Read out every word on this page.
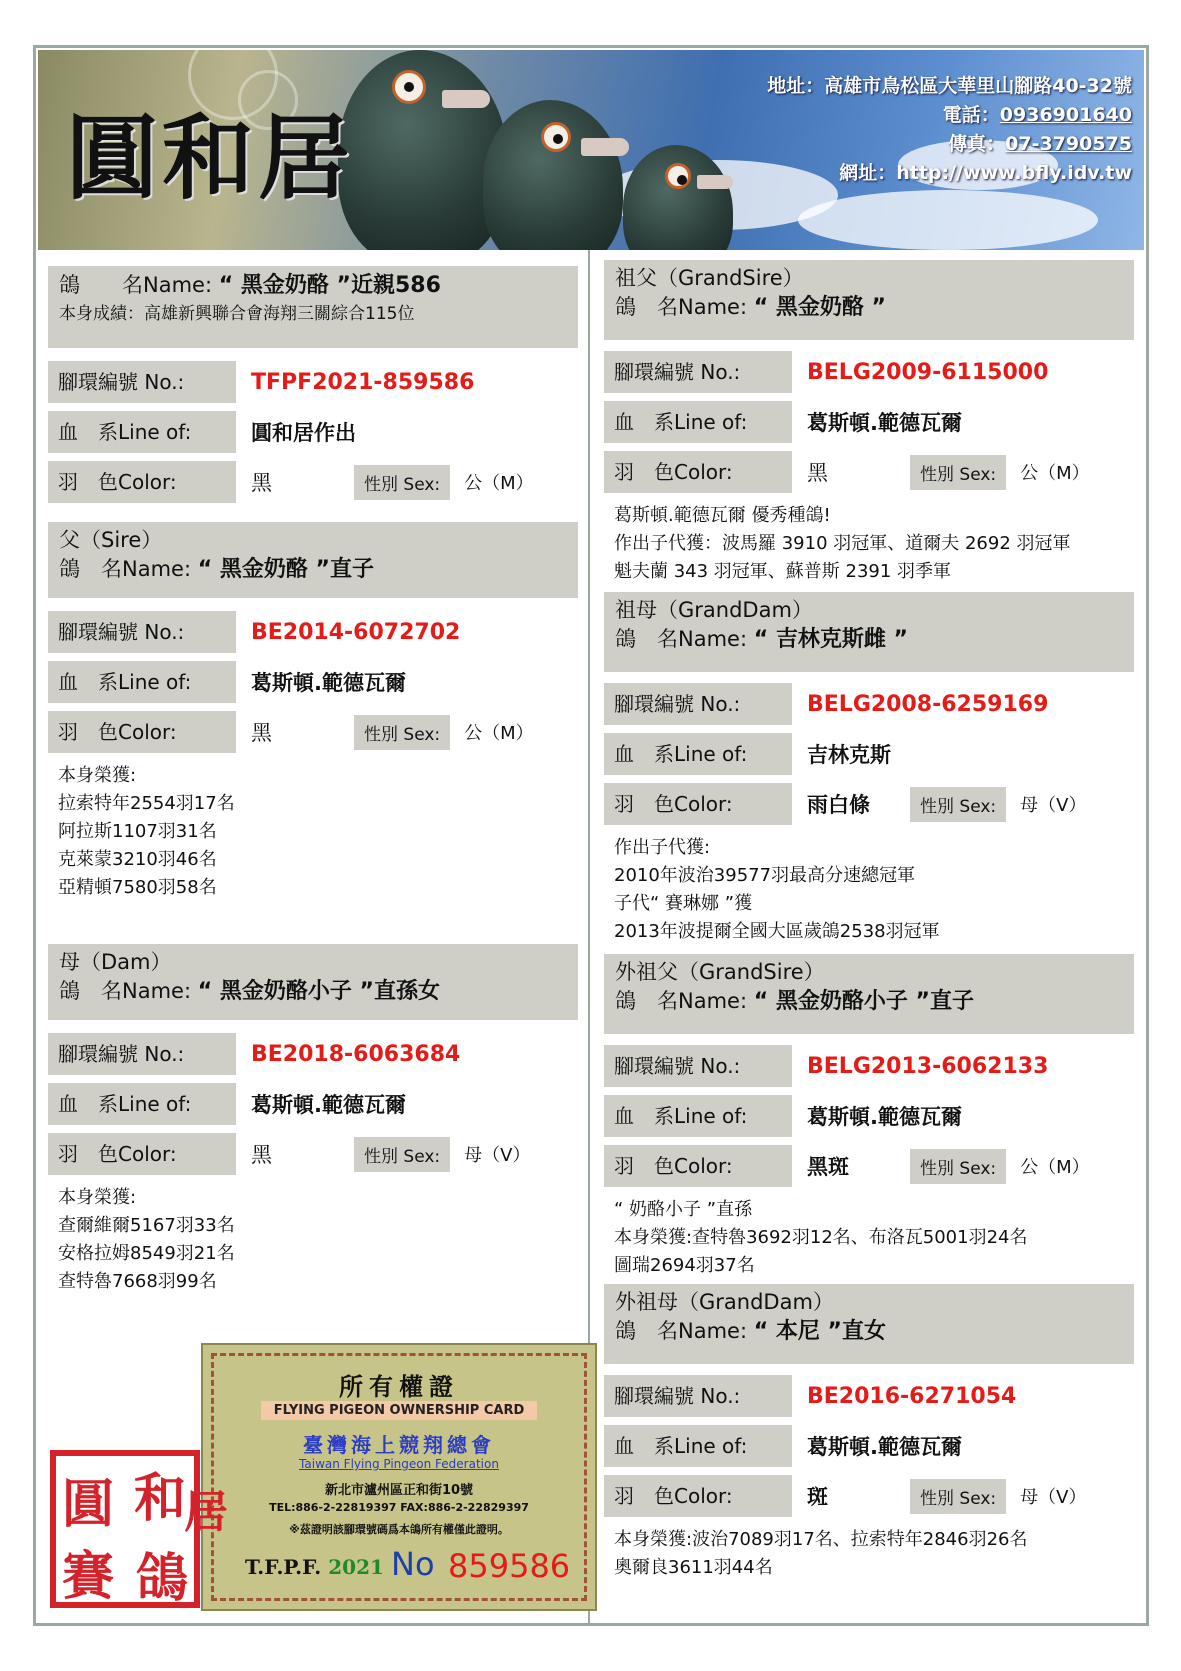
圓和居
地址：高雄市鳥松區大華里山腳路40-32號
電話：0936901640
傳真：07-3790575
網址：http://www.bfly.idv.tw
鴿　　名Name: “ 黑金奶酪 ”近親586
本身成績：高雄新興聯合會海翔三關綜合115位
腳環編號 No.:	TFPF2021-859586
血　系Line of:	圓和居作出
羽　色Color:	黑	性別 Sex:	公（M）
父（Sire）
鴿　名Name: “ 黑金奶酪 ”直子
腳環編號 No.:	BE2014-6072702
血　系Line of:	葛斯頓.範德瓦爾
羽　色Color:	黑	性別 Sex:	公（M）
本身榮獲:
拉索特年2554羽17名
阿拉斯1107羽31名
克萊蒙3210羽46名
亞精頓7580羽58名
母（Dam）
鴿　名Name: “ 黑金奶酪小子 ”直孫女
腳環編號 No.:	BE2018-6063684
血　系Line of:	葛斯頓.範德瓦爾
羽　色Color:	黑	性別 Sex:	母（V）
本身榮獲:
查爾維爾5167羽33名
安格拉姆8549羽21名
查特魯7668羽99名
祖父（GrandSire）
鴿　名Name: “ 黑金奶酪 ”
腳環編號 No.:	BELG2009-6115000
血　系Line of:	葛斯頓.範德瓦爾
羽　色Color:	黑	性別 Sex:	公（M）
葛斯頓.範德瓦爾 優秀種鴿!
作出子代獲：波馬羅 3910 羽冠軍、道爾夫 2692 羽冠軍
魁夫蘭 343 羽冠軍、蘇普斯 2391 羽季軍
祖母（GrandDam）
鴿　名Name: “ 吉林克斯雌 ”
腳環編號 No.:	BELG2008-6259169
血　系Line of:	吉林克斯
羽　色Color:	雨白條	性別 Sex:	母（V）
作出子代獲:
2010年波治39577羽最高分速總冠軍
子代“ 賽琳娜 ”獲
2013年波提爾全國大區歲鴿2538羽冠軍
外祖父（GrandSire）
鴿　名Name: “ 黑金奶酪小子 ”直子
腳環編號 No.:	BELG2013-6062133
血　系Line of:	葛斯頓.範德瓦爾
羽　色Color:	黑斑	性別 Sex:	公（M）
“ 奶酪小子 ”直孫
本身榮獲:查特魯3692羽12名、布洛瓦5001羽24名
圖瑞2694羽37名
外祖母（GrandDam）
鴿　名Name: “ 本尼 ”直女
腳環編號 No.:	BE2016-6271054
血　系Line of:	葛斯頓.範德瓦爾
羽　色Color:	斑	性別 Sex:	母（V）
本身榮獲:波治7089羽17名、拉索特年2846羽26名
奧爾良3611羽44名
所有權證
FLYING PIGEON OWNERSHIP CARD
臺灣海上競翔總會
Taiwan Flying Pingeon Federation
新北市瀘州區正和街10號
TEL:886-2-22819397 FAX:886-2-22829397
※茲證明該腳環號碼爲本鴿所有權僅此證明。
T.F.P.F. 2021 No 859586
圓 和
居
賽 鴿
